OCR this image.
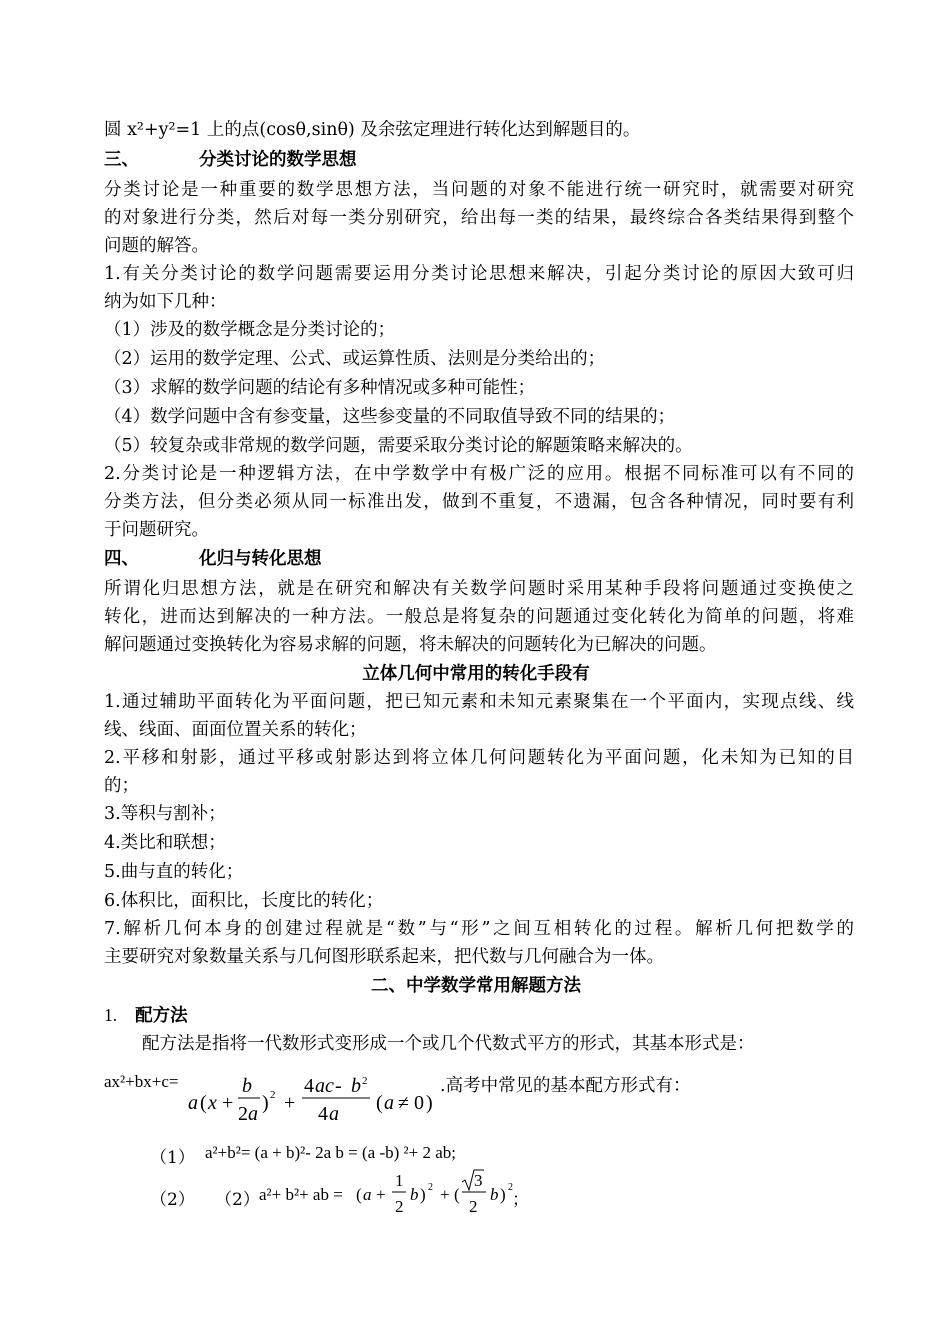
圆 x²+y²=1 上的点(cosθ,sinθ) 及余弦定理进行转化达到解题目的。
三、	分类讨论的数学思想
分类讨论是一种重要的数学思想方法，当问题的对象不能进行统一研究时，就需要对研究
的对象进行分类，然后对每一类分别研究，给出每一类的结果，最终综合各类结果得到整个
问题的解答。
1.有关分类讨论的数学问题需要运用分类讨论思想来解决，引起分类讨论的原因大致可归
纳为如下几种：
（1）涉及的数学概念是分类讨论的；
（2）运用的数学定理、公式、或运算性质、法则是分类给出的；
（3）求解的数学问题的结论有多种情况或多种可能性；
（4）数学问题中含有参变量，这些参变量的不同取值导致不同的结果的；
（5）较复杂或非常规的数学问题，需要采取分类讨论的解题策略来解决的。
2.分类讨论是一种逻辑方法，在中学数学中有极广泛的应用。根据不同标准可以有不同的
分类方法，但分类必须从同一标准出发，做到不重复，不遗漏，包含各种情况，同时要有利
于问题研究。
四、	化归与转化思想
所谓化归思想方法，就是在研究和解决有关数学问题时采用某种手段将问题通过变换使之
转化，进而达到解决的一种方法。一般总是将复杂的问题通过变化转化为简单的问题，将难
解问题通过变换转化为容易求解的问题，将未解决的问题转化为已解决的问题。
立体几何中常用的转化手段有
1.通过辅助平面转化为平面问题，把已知元素和未知元素聚集在一个平面内，实现点线、线
线、线面、面面位置关系的转化；
2.平移和射影，通过平移或射影达到将立体几何问题转化为平面问题，化未知为已知的目
的；
3.等积与割补；
4.类比和联想；
5.曲与直的转化；
6.体积比，面积比，长度比的转化；
7.解析几何本身的创建过程就是“数”与“形”之间互相转化的过程。解析几何把数学的
主要研究对象数量关系与几何图形联系起来，把代数与几何融合为一体。
二、中学数学常用解题方法
1. 配方法
配方法是指将一代数形式变形成一个或几个代数式平方的形式，其基本形式是：
ax²+bx+c=
a ( x +
b
2 a ) 2 +
4 ac - b 2
4 a ( a ≠ 0 )
.高考中常见的基本配方形式有：
（1） a²+b²= (a + b)²- 2a b = (a -b) ²+ 2 ab;
（2） （2） a²+ b²+ ab = ( a +
1
2
b ) 2 + (
3
2
b ) 2
；
